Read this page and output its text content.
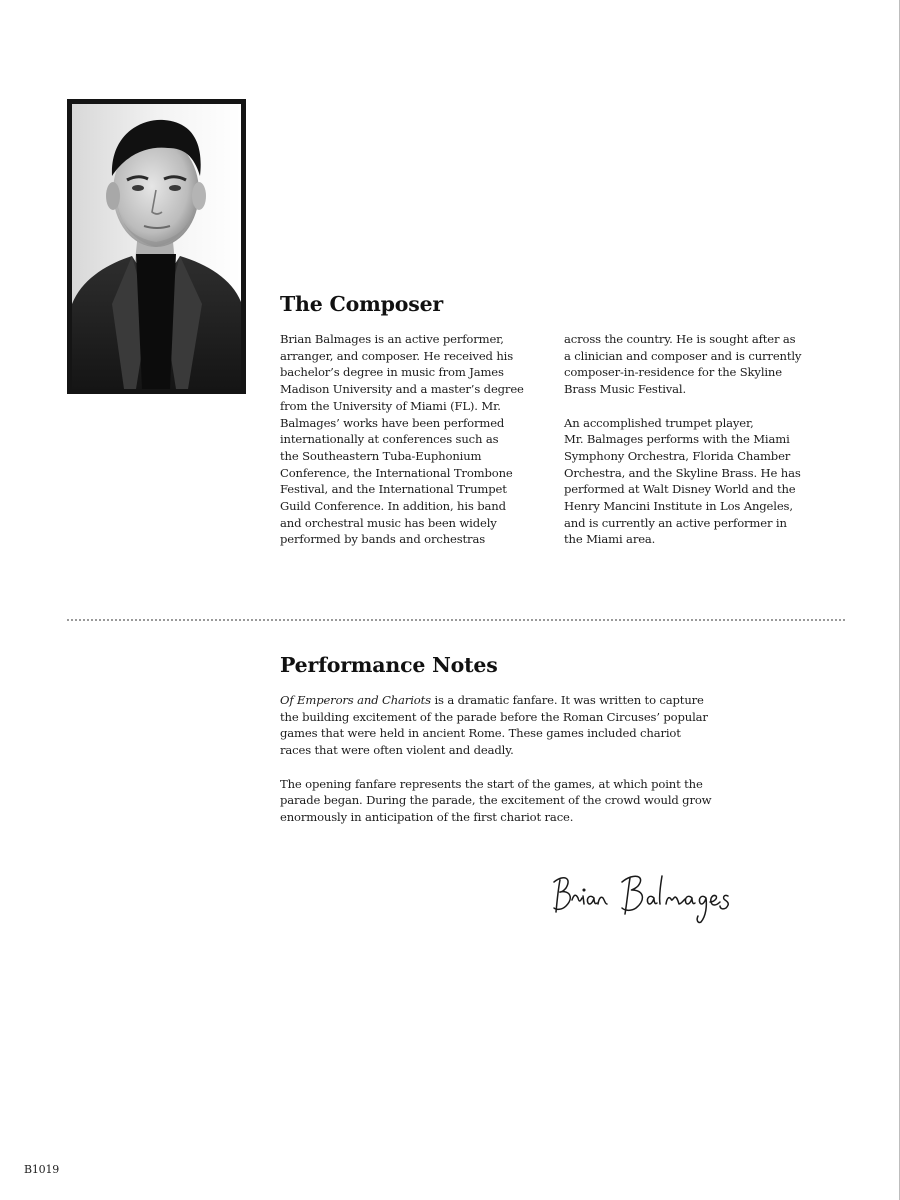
The Composer

Brian Balmages is an active performer,
arranger, and composer. He received his
bachelor’s degree in music from James
Madison University and a master’s degree
from the University of Miami (FL). Mr.
Balmages’ works have been performed
internationally at conferences such as
the Southeastern Tuba-Euphonium
Conference, the International Trombone
Festival, and the International Trumpet
Guild Conference. In addition, his band
and orchestral music has been widely
performed by bands and orchestras

across the country. He is sought after as
a clinician and composer and is currently
composer-in-residence for the Skyline
Brass Music Festival.

An accomplished trumpet player,
Mr. Balmages performs with the Miami
Symphony Orchestra, Florida Chamber
Orchestra, and the Skyline Brass. He has
performed at Walt Disney World and the
Henry Mancini Institute in Los Angeles,
and is currently an active performer in
the Miami area.

Performance Notes

Of Emperors and Chariots is a dramatic fanfare. It was written to capture
the building excitement of the parade before the Roman Circuses’ popular
games that were held in ancient Rome. These games included chariot
races that were often violent and deadly.

The opening fanfare represents the start of the games, at which point the
parade began. During the parade, the excitement of the crowd would grow
enormously in anticipation of the first chariot race.

B1019
